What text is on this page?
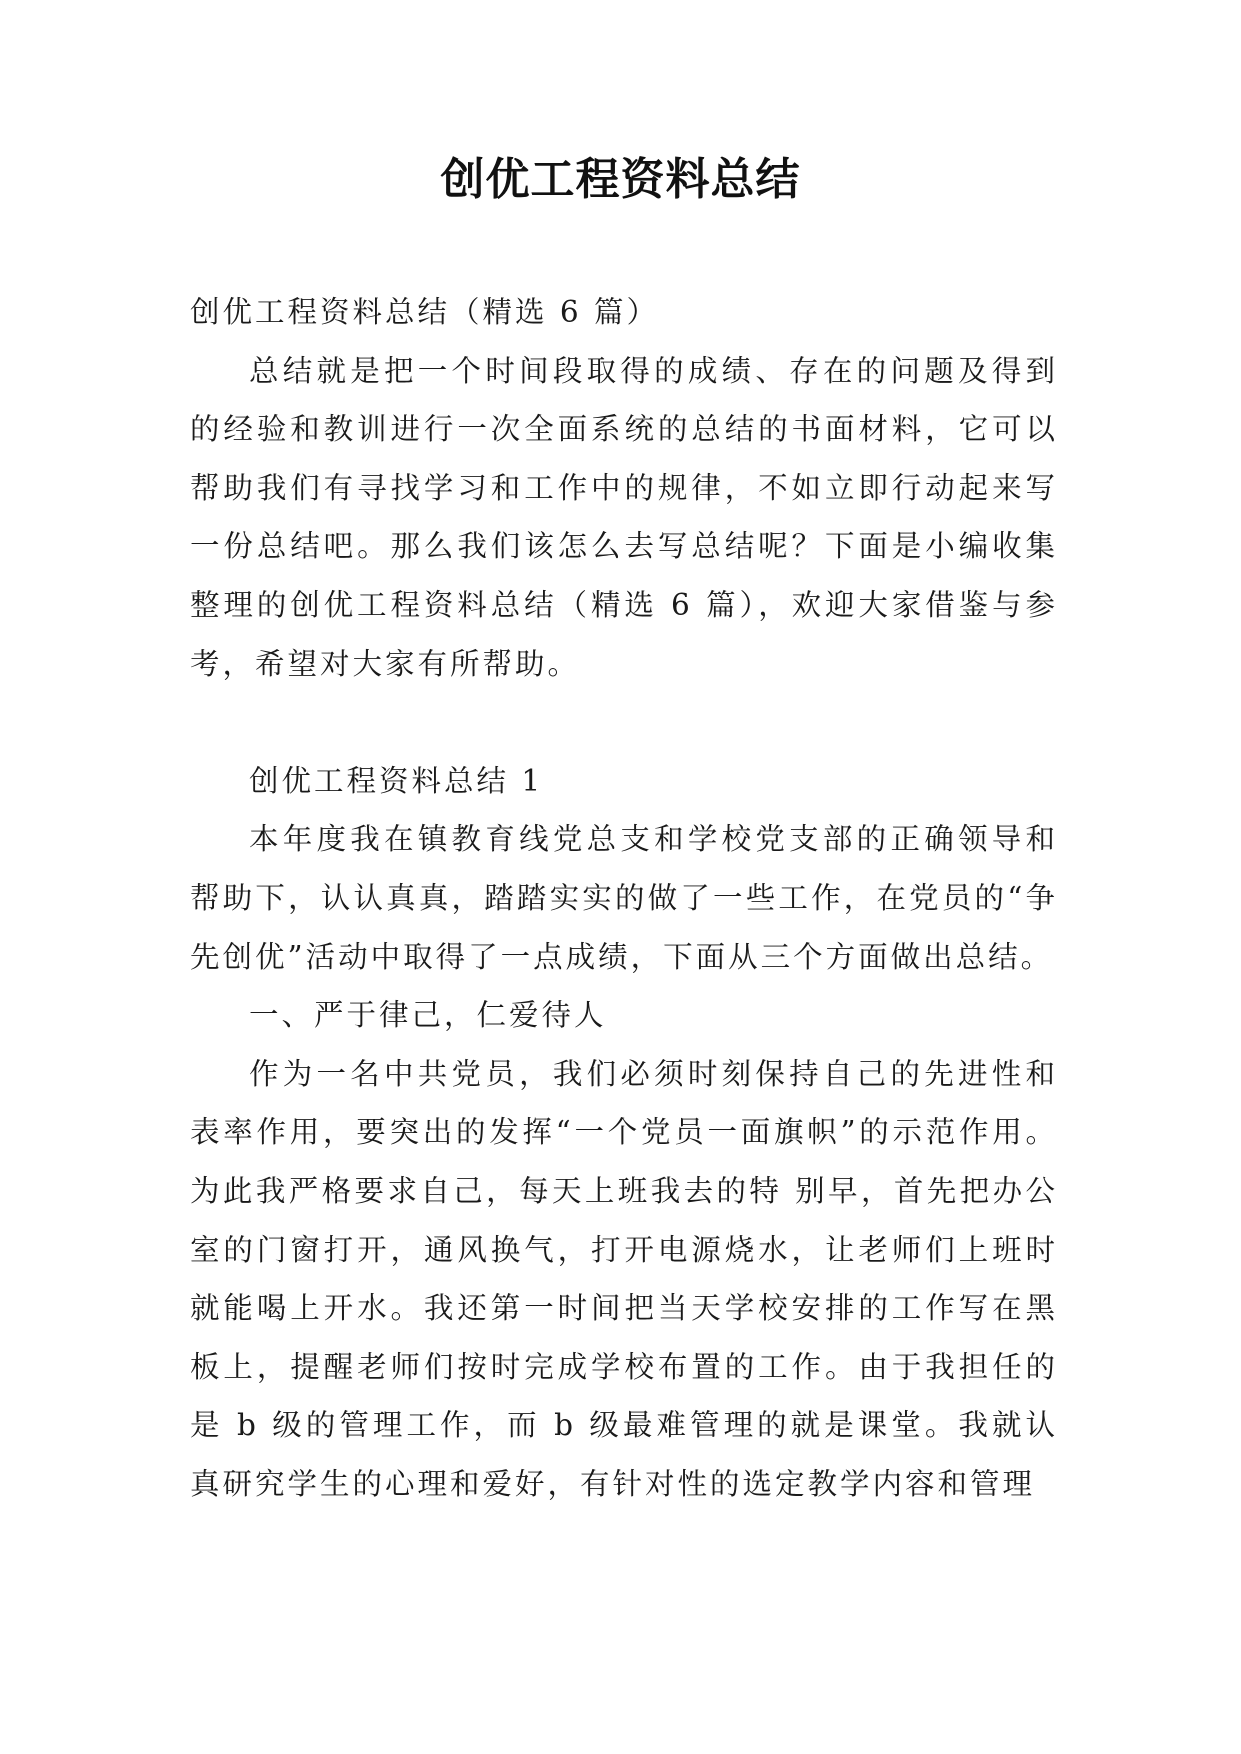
创优工程资料总结

创优工程资料总结（精选 6 篇）

总结就是把一个时间段取得的成绩、存在的问题及得到的经验和教训进行一次全面系统的总结的书面材料，它可以帮助我们有寻找学习和工作中的规律，不如立即行动起来写一份总结吧。那么我们该怎么去写总结呢？下面是小编收集整理的创优工程资料总结（精选 6 篇），欢迎大家借鉴与参考，希望对大家有所帮助。

创优工程资料总结 1

本年度我在镇教育线党总支和学校党支部的正确领导和帮助下，认认真真，踏踏实实的做了一些工作，在党员的“争先创优”活动中取得了一点成绩，下面从三个方面做出总结。

一、严于律己，仁爱待人

作为一名中共党员，我们必须时刻保持自己的先进性和表率作用，要突出的发挥“一个党员一面旗帜”的示范作用。为此我严格要求自己，每天上班我去的特 别早，首先把办公室的门窗打开，通风换气，打开电源烧水，让老师们上班时就能喝上开水。我还第一时间把当天学校安排的工作写在黑板上，提醒老师们按时完成学校布置的工作。由于我担任的是 b 级的管理工作，而 b 级最难管理的就是课堂。我就认真研究学生的心理和爱好，有针对性的选定教学内容和管理
